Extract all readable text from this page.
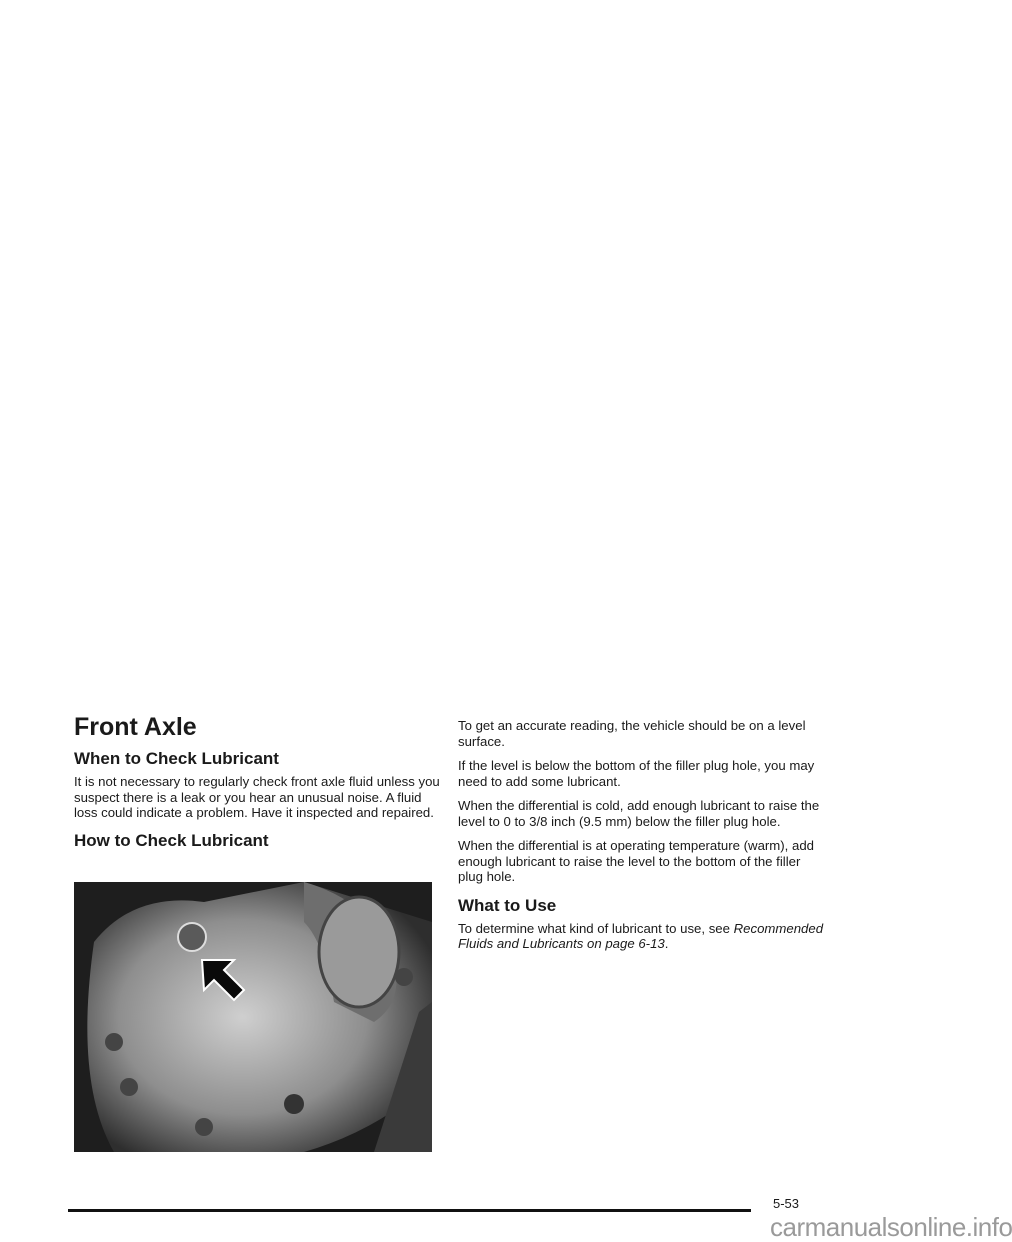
Front Axle
When to Check Lubricant

It is not necessary to regularly check front axle fluid unless you suspect there is a leak or you hear an unusual noise. A fluid loss could indicate a problem. Have it inspected and repaired.

How to Check Lubricant

To get an accurate reading, the vehicle should be on a level surface.

If the level is below the bottom of the filler plug hole, you may need to add some lubricant.

When the differential is cold, add enough lubricant to raise the level to 0 to 3/8 inch (9.5 mm) below the filler plug hole.

When the differential is at operating temperature (warm), add enough lubricant to raise the level to the bottom of the filler plug hole.

What to Use

To determine what kind of lubricant to use, see Recommended Fluids and Lubricants on page 6-13.

5-53
carmanualsonline.info
